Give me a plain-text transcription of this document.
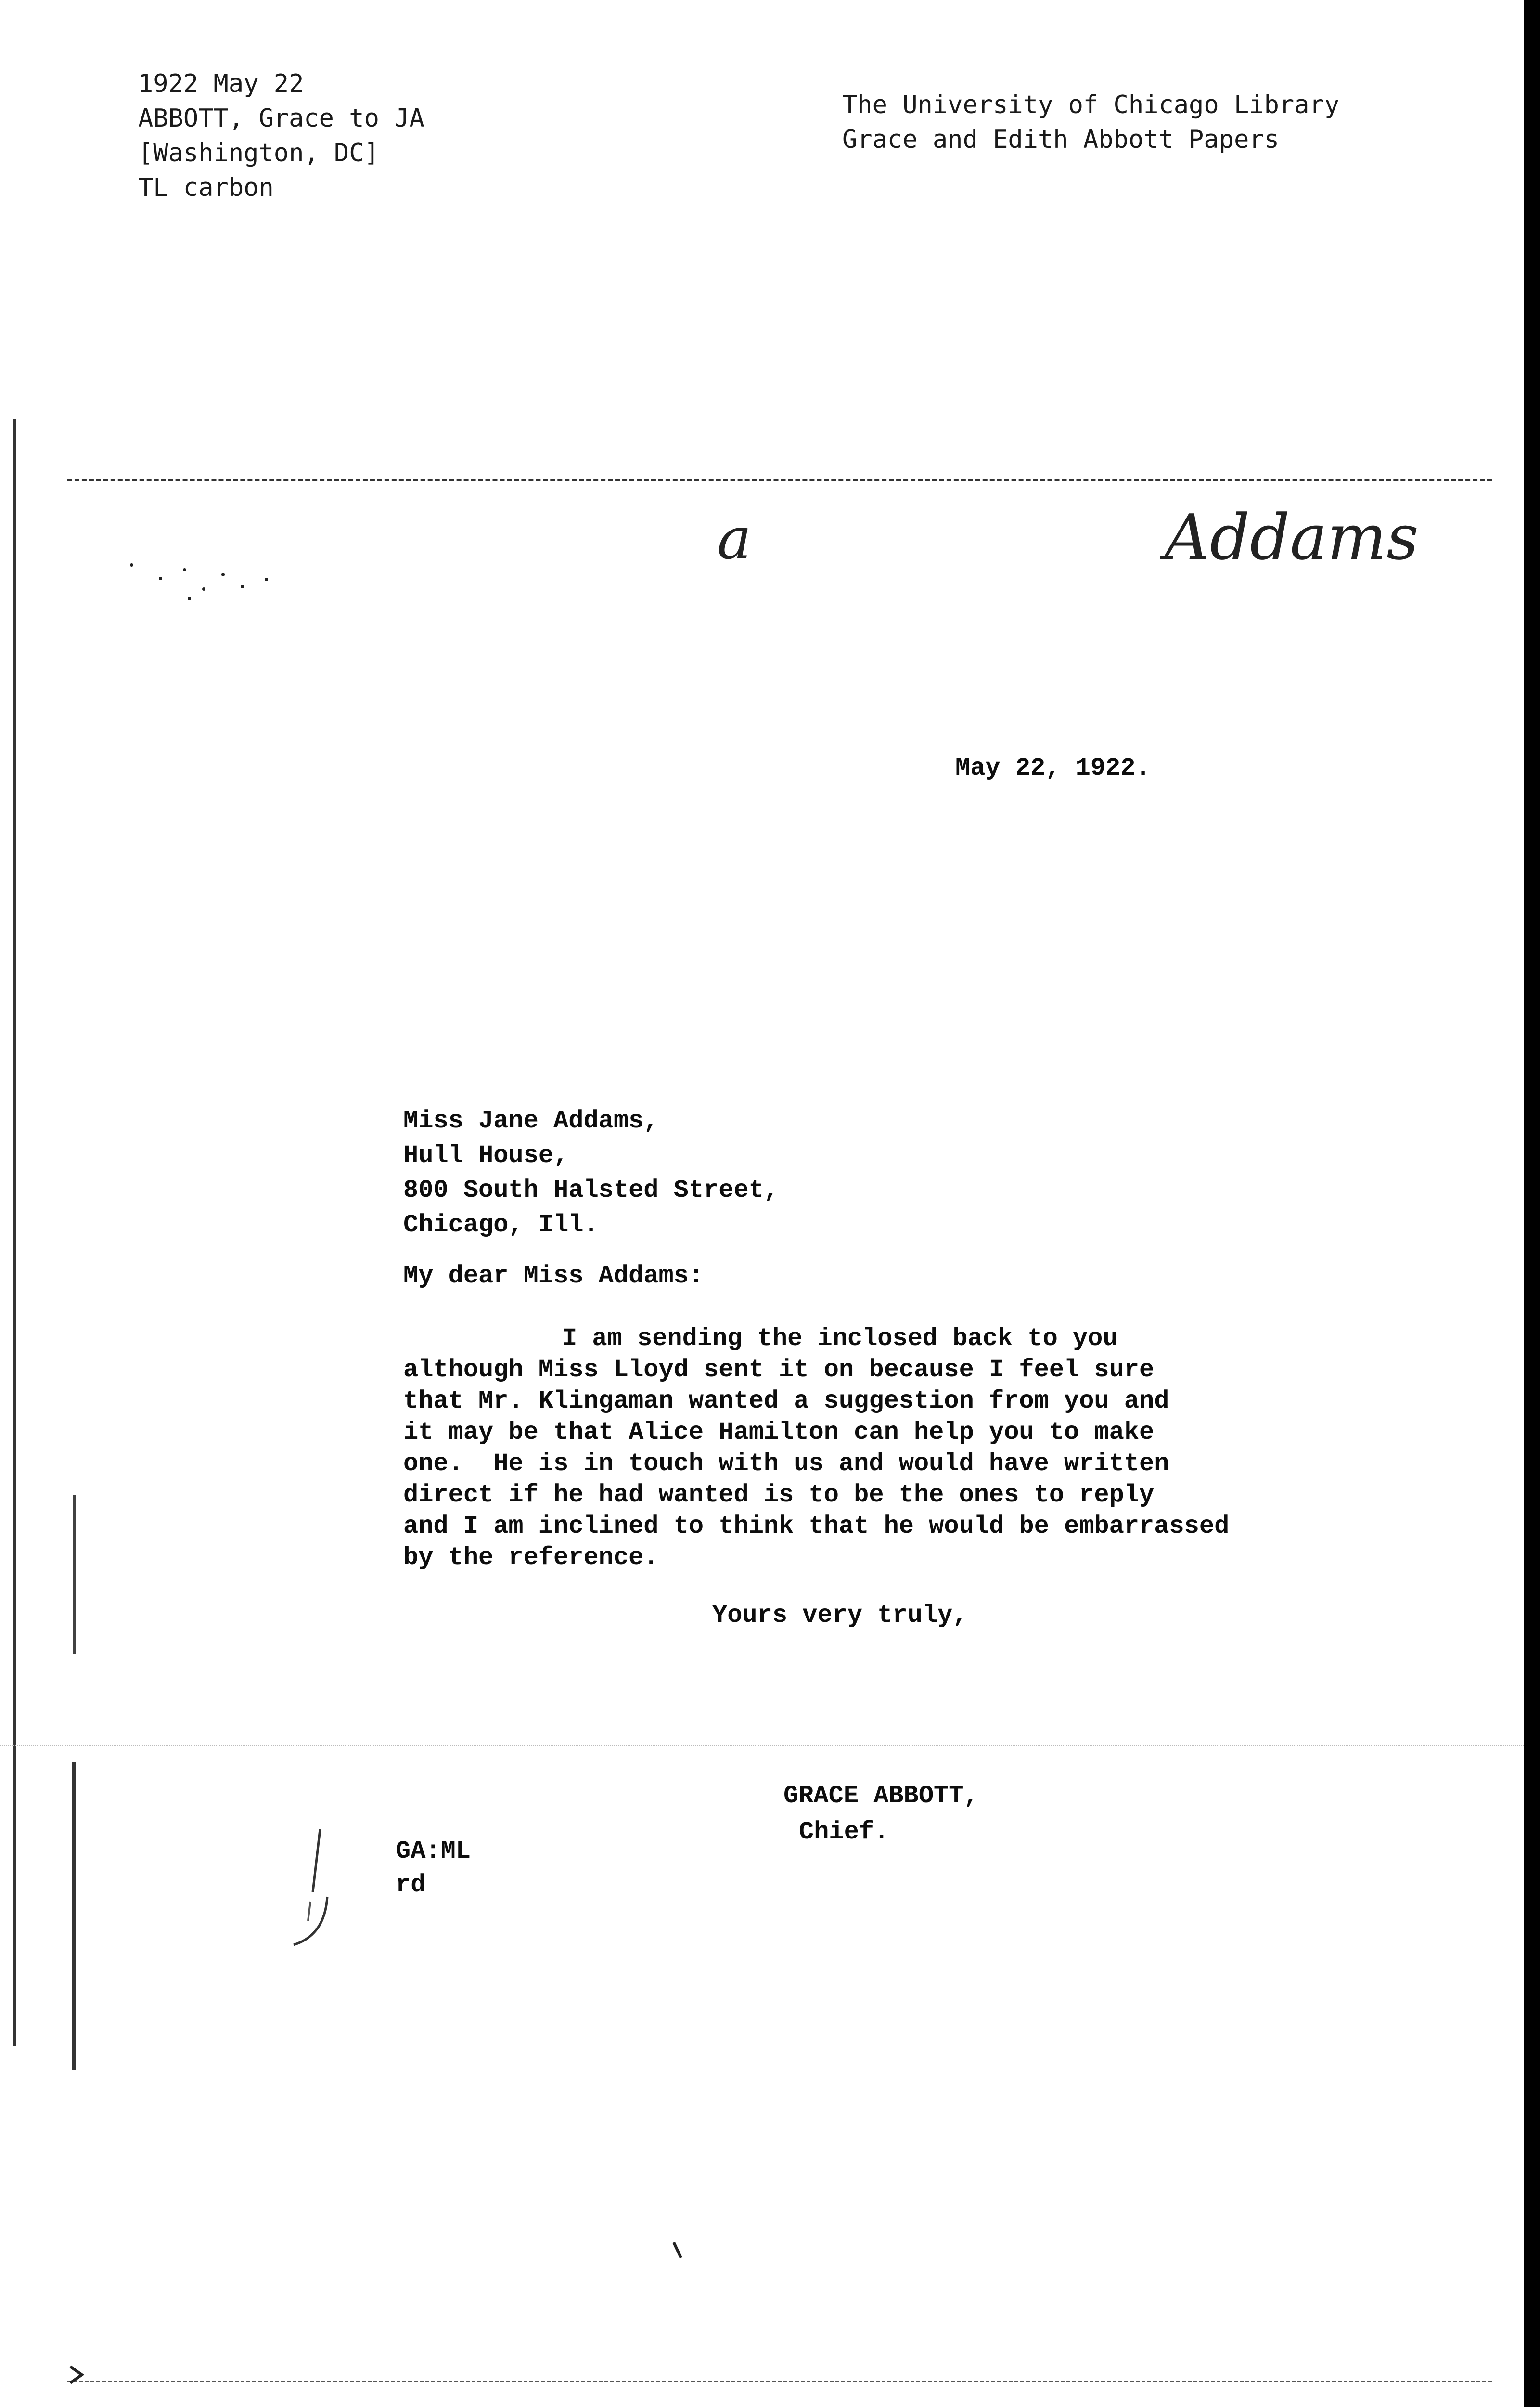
1922 May 22
ABBOTT, Grace to JA
[Washington, DC]
TL carbon
The University of Chicago Library
Grace and Edith Abbott Papers
a	Addams
May 22, 1922.
Miss Jane Addams,
Hull House,
800 South Halsted Street,
Chicago, Ill.
My dear Miss Addams:
I am sending the inclosed back to you
although Miss Lloyd sent it on because I feel sure
that Mr. Klingaman wanted a suggestion from you and
it may be that Alice Hamilton can help you to make
one.  He is in touch with us and would have written
direct if he had wanted is to be the ones to reply
and I am inclined to think that he would be embarrassed
by the reference.
Yours very truly,
GRACE ABBOTT,
Chief.
GA:ML
rd
